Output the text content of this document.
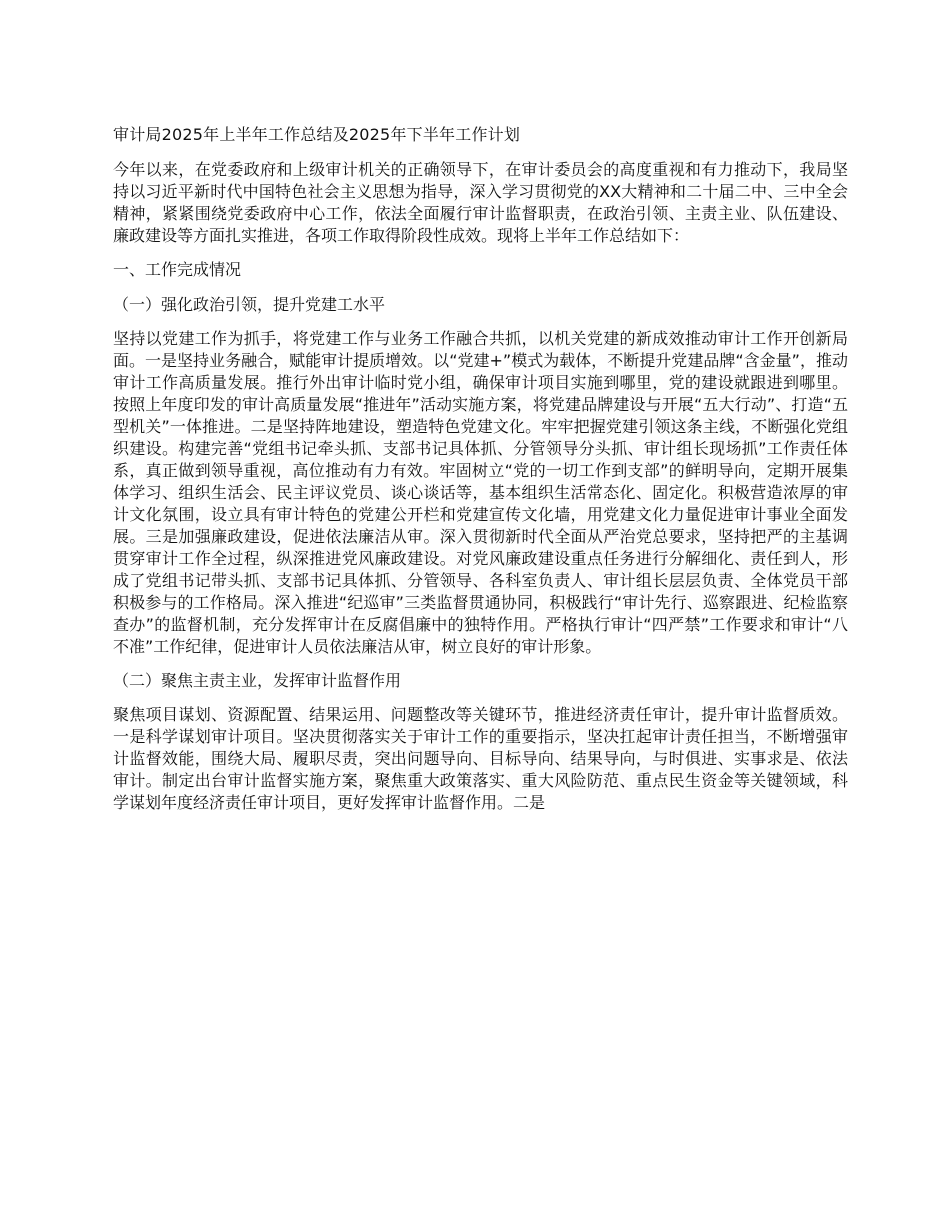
审计局2025年上半年工作总结及2025年下半年工作计划

今年以来，在党委政府和上级审计机关的正确领导下，在审计委员会的高度重视和有力推动下，我局坚持以习近平新时代中国特色社会主义思想为指导，深入学习贯彻党的XX大精神和二十届二中、三中全会精神，紧紧围绕党委政府中心工作，依法全面履行审计监督职责，在政治引领、主责主业、队伍建设、廉政建设等方面扎实推进，各项工作取得阶段性成效。现将上半年工作总结如下：

一、工作完成情况
（一）强化政治引领，提升党建工水平

坚持以党建工作为抓手，将党建工作与业务工作融合共抓，以机关党建的新成效推动审计工作开创新局面。一是坚持业务融合，赋能审计提质增效。以“党建+”模式为载体，不断提升党建品牌“含金量”，推动审计工作高质量发展。推行外出审计临时党小组，确保审计项目实施到哪里，党的建设就跟进到哪里。按照上年度印发的审计高质量发展“推进年”活动实施方案，将党建品牌建设与开展“五大行动”、打造“五型机关”一体推进。二是坚持阵地建设，塑造特色党建文化。牢牢把握党建引领这条主线，不断强化党组织建设。构建完善“党组书记牵头抓、支部书记具体抓、分管领导分头抓、审计组长现场抓”工作责任体系，真正做到领导重视，高位推动有力有效。牢固树立“党的一切工作到支部”的鲜明导向，定期开展集体学习、组织生活会、民主评议党员、谈心谈话等，基本组织生活常态化、固定化。积极营造浓厚的审计文化氛围，设立具有审计特色的党建公开栏和党建宣传文化墙，用党建文化力量促进审计事业全面发展。三是加强廉政建设，促进依法廉洁从审。深入贯彻新时代全面从严治党总要求，坚持把严的主基调贯穿审计工作全过程，纵深推进党风廉政建设。对党风廉政建设重点任务进行分解细化、责任到人，形成了党组书记带头抓、支部书记具体抓、分管领导、各科室负责人、审计组长层层负责、全体党员干部积极参与的工作格局。深入推进“纪巡审”三类监督贯通协同，积极践行“审计先行、巡察跟进、纪检监察查办”的监督机制，充分发挥审计在反腐倡廉中的独特作用。严格执行审计“四严禁”工作要求和审计“八不准”工作纪律，促进审计人员依法廉洁从审，树立良好的审计形象。

（二）聚焦主责主业，发挥审计监督作用

聚焦项目谋划、资源配置、结果运用、问题整改等关键环节，推进经济责任审计，提升审计监督质效。一是科学谋划审计项目。坚决贯彻落实关于审计工作的重要指示，坚决扛起审计责任担当，不断增强审计监督效能，围绕大局、履职尽责，突出问题导向、目标导向、结果导向，与时俱进、实事求是、依法审计。制定出台审计监督实施方案，聚焦重大政策落实、重大风险防范、重点民生资金等关键领域，科学谋划年度经济责任审计项目，更好发挥审计监督作用。二是
